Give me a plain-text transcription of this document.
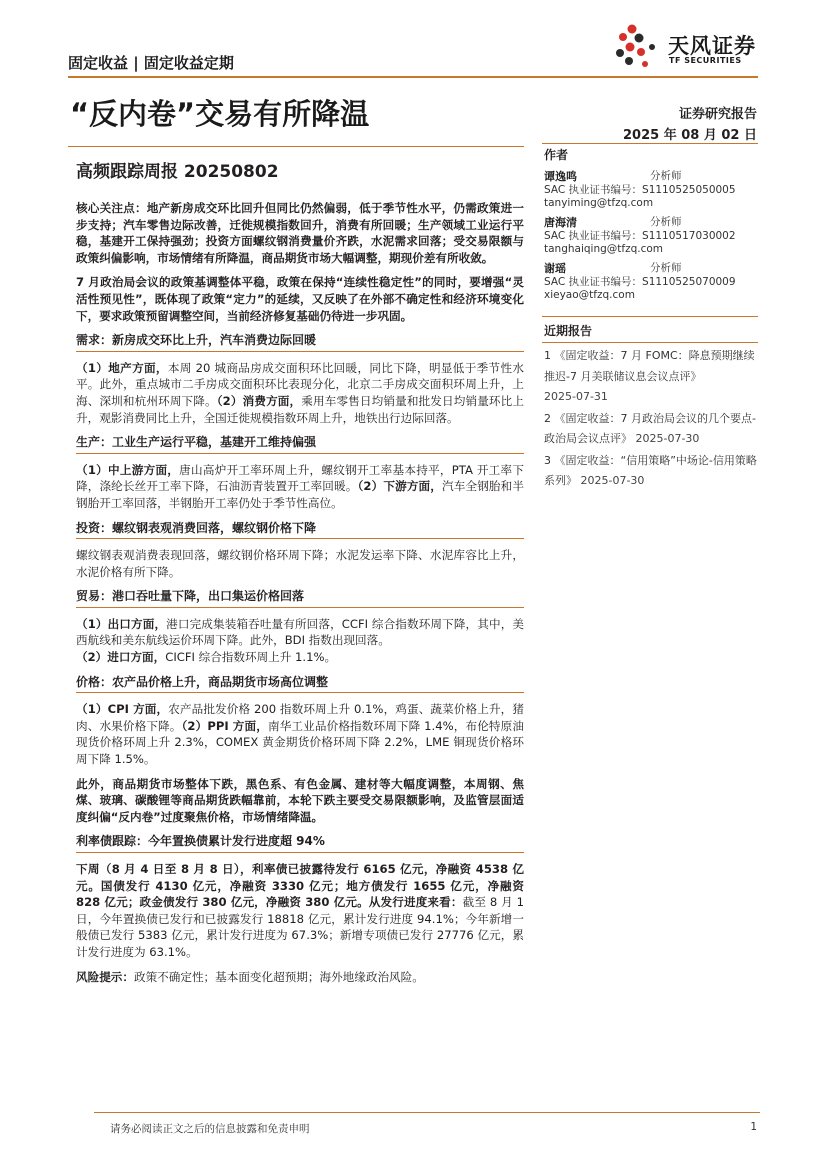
固定收益 | 固定收益定期
天风证券
TF SECURITIES
“反内卷”交易有所降温	证券研究报告
2025 年 08 月 02 日
高频跟踪周报 20250802
作者
谭逸鸣	分析师
SAC 执业证书编号：S1110525050005
tanyiming@tfzq.com
唐海清	分析师
SAC 执业证书编号：S1110517030002
tanghaiqing@tfzq.com
谢瑶	分析师
SAC 执业证书编号：S1110525070009
xieyao@tfzq.com
近期报告

1 《固定收益：7 月 FOMC：降息预期继续推迟-7 月美联储议息会议点评》
2025-07-31

2 《固定收益：7 月政治局会议的几个要点-政治局会议点评》 2025-07-30

3 《固定收益：“信用策略”中场论-信用策略系列》 2025-07-30

核心关注点：地产新房成交环比回升但同比仍然偏弱，低于季节性水平，仍需政策进一步支持；汽车零售边际改善，迁徙规模指数回升，消费有所回暖；生产领域工业运行平稳，基建开工保持强劲；投资方面螺纹钢消费量价齐跌，水泥需求回落；受交易限额与政策纠偏影响，市场情绪有所降温，商品期货市场大幅调整，期现价差有所收敛。

7 月政治局会议的政策基调整体平稳，政策在保持“连续性稳定性”的同时，要增强“灵活性预见性”，既体现了政策“定力”的延续，又反映了在外部不确定性和经济环境变化下，要求政策预留调整空间，当前经济修复基础仍待进一步巩固。

需求：新房成交环比上升，汽车消费边际回暖

（1）地产方面，本周 20 城商品房成交面积环比回暖，同比下降，明显低于季节性水平。此外，重点城市二手房成交面积环比表现分化，北京二手房成交面积环周上升，上海、深圳和杭州环周下降。（2）消费方面，乘用车零售日均销量和批发日均销量环比上升，观影消费同比上升，全国迁徙规模指数环周上升，地铁出行边际回落。

生产：工业生产运行平稳，基建开工维持偏强

（1）中上游方面，唐山高炉开工率环周上升，螺纹钢开工率基本持平，PTA 开工率下降，涤纶长丝开工率下降，石油沥青装置开工率回暖。（2）下游方面，汽车全钢胎和半钢胎开工率回落，半钢胎开工率仍处于季节性高位。

投资：螺纹钢表观消费回落，螺纹钢价格下降

螺纹钢表观消费表现回落，螺纹钢价格环周下降；水泥发运率下降、水泥库容比上升，水泥价格有所下降。

贸易：港口吞吐量下降，出口集运价格回落

（1）出口方面，港口完成集装箱吞吐量有所回落，CCFI 综合指数环周下降，其中，美西航线和美东航线运价环周下降。此外，BDI 指数出现回落。
（2）进口方面，CICFI 综合指数环周上升 1.1%。

价格：农产品价格上升，商品期货市场高位调整

（1）CPI 方面，农产品批发价格 200 指数环周上升 0.1%，鸡蛋、蔬菜价格上升，猪肉、水果价格下降。（2）PPI 方面，南华工业品价格指数环周下降 1.4%，布伦特原油现货价格环周上升 2.3%，COMEX 黄金期货价格环周下降 2.2%，LME 铜现货价格环周下降 1.5%。

此外，商品期货市场整体下跌，黑色系、有色金属、建材等大幅度调整，本周钢、焦煤、玻璃、碳酸锂等商品期货跌幅靠前，本轮下跌主要受交易限额影响，及监管层面适度纠偏“反内卷”过度聚焦价格，市场情绪降温。

利率债跟踪：今年置换债累计发行进度超 94%

下周（8 月 4 日至 8 月 8 日），利率债已披露待发行 6165 亿元，净融资 4538 亿元。国债发行 4130 亿元，净融资 3330 亿元；地方债发行 1655 亿元，净融资 828 亿元；政金债发行 380 亿元，净融资 380 亿元。从发行进度来看：截至 8 月 1 日，今年置换债已发行和已披露发行 18818 亿元，累计发行进度 94.1%；今年新增一般债已发行 5383 亿元，累计发行进度为 67.3%；新增专项债已发行 27776 亿元，累计发行进度为 63.1%。

风险提示：政策不确定性；基本面变化超预期；海外地缘政治风险。

请务必阅读正文之后的信息披露和免责申明	1
